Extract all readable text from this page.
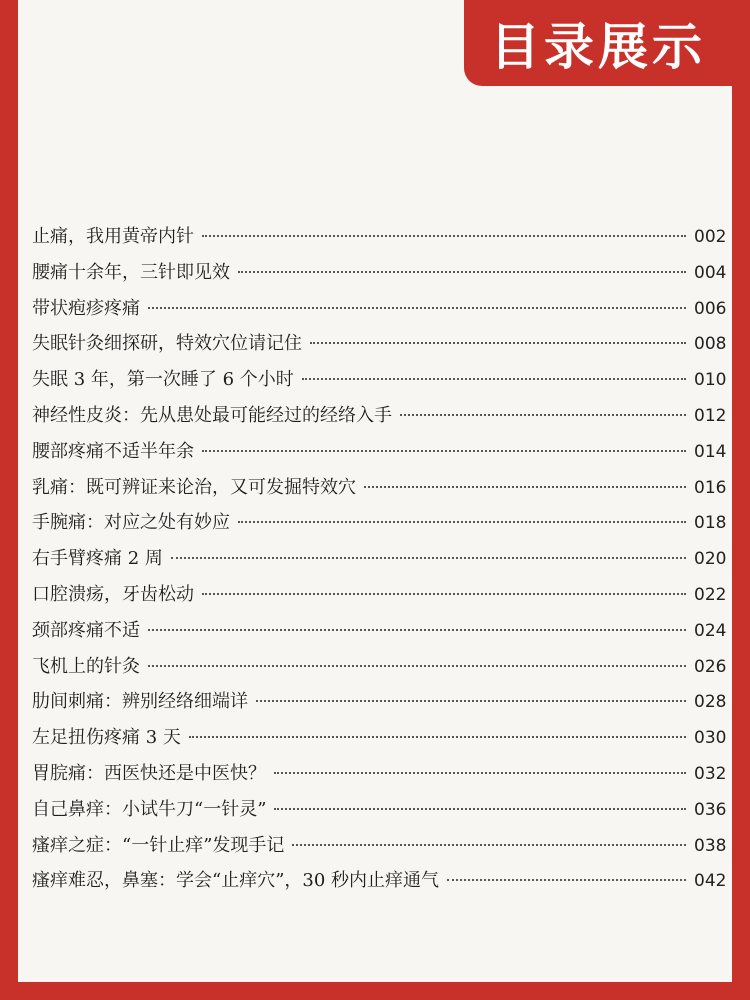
目录展示
止痛，我用黄帝内针	002
腰痛十余年，三针即见效	004
带状疱疹疼痛	006
失眠针灸细探研，特效穴位请记住	008
失眠 3 年，第一次睡了 6 个小时	010
神经性皮炎：先从患处最可能经过的经络入手	012
腰部疼痛不适半年余	014
乳痛：既可辨证来论治，又可发掘特效穴	016
手腕痛：对应之处有妙应	018
右手臂疼痛 2 周	020
口腔溃疡，牙齿松动	022
颈部疼痛不适	024
飞机上的针灸	026
肋间刺痛：辨别经络细端详	028
左足扭伤疼痛 3 天	030
胃脘痛：西医快还是中医快？	032
自己鼻痒：小试牛刀“一针灵”	036
瘙痒之症：“一针止痒”发现手记	038
瘙痒难忍，鼻塞：学会“止痒穴”，30 秒内止痒通气	042
